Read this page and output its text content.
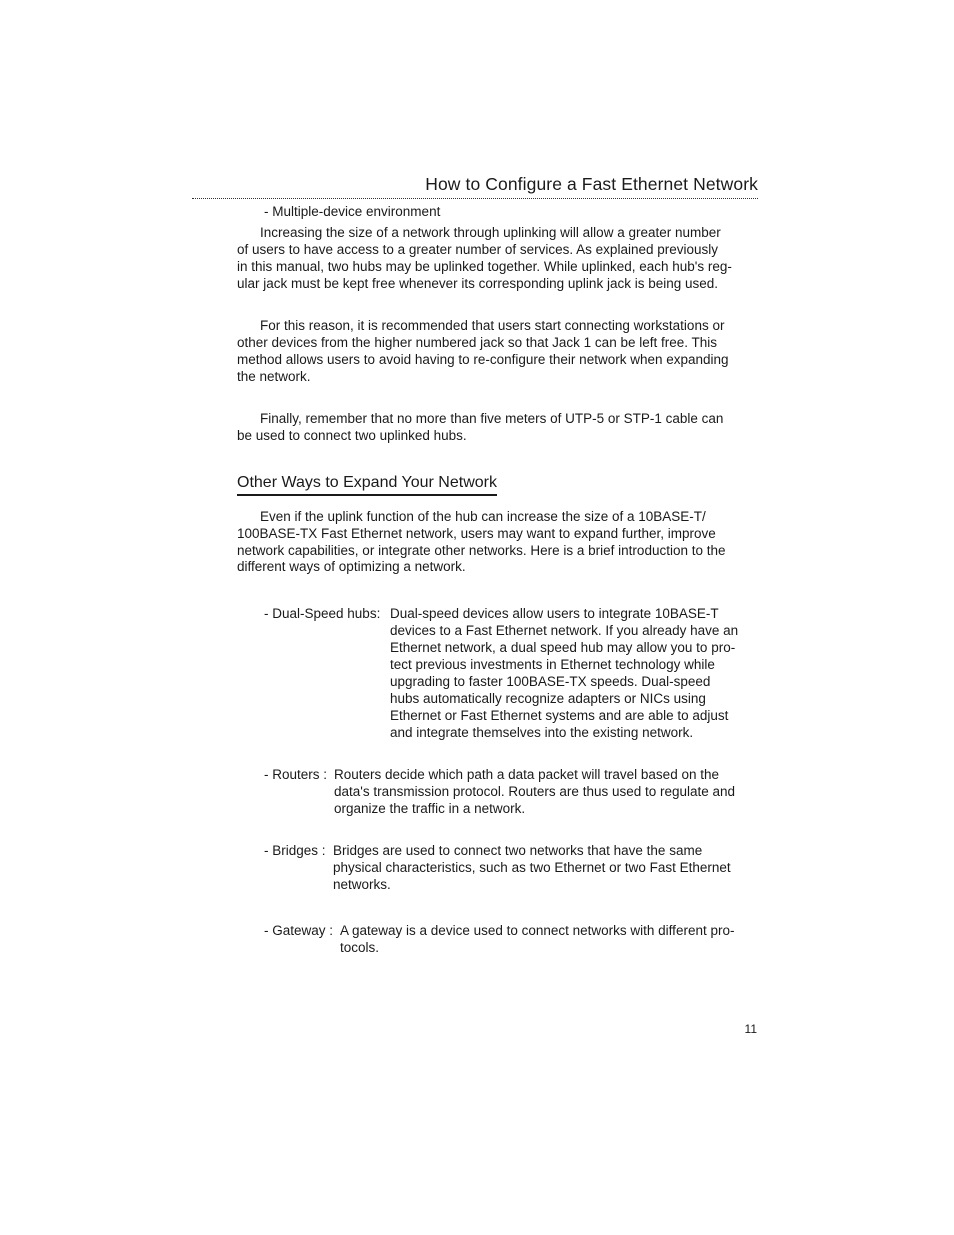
How to Configure a Fast Ethernet Network
- Multiple-device environment
Increasing the size of a network through uplinking will allow a greater number
of users to have access to a greater number of services. As explained previously
in this manual, two hubs may be uplinked together. While uplinked, each hub's reg-
ular jack must be kept free whenever its corresponding uplink jack is being used.
For this reason, it is recommended that users start connecting workstations or
other devices from the higher numbered jack so that Jack 1 can be left free. This
method allows users to avoid having to re-configure their network when expanding
the network.
Finally, remember that no more than five meters of UTP-5 or STP-1 cable can
be used to connect two uplinked hubs.
Other Ways to Expand Your Network
Even if the uplink function of the hub can increase the size of a 10BASE-T/
100BASE-TX Fast Ethernet network, users may want to expand further, improve
network capabilities, or integrate other networks. Here is a brief introduction to the
different ways of optimizing a network.
- Dual-Speed hubs: Dual-speed devices allow users to integrate 10BASE-T
devices to a Fast Ethernet network. If you already have an
Ethernet network, a dual speed hub may allow you to pro-
tect previous investments in Ethernet technology while
upgrading to faster 100BASE-TX speeds. Dual-speed
hubs automatically recognize adapters or NICs using
Ethernet or Fast Ethernet systems and are able to adjust
and integrate themselves into the existing network.
- Routers : Routers decide which path a data packet will travel based on the
data's transmission protocol. Routers are thus used to regulate and
organize the traffic in a network.
- Bridges : Bridges are used to connect two networks that have the same
physical characteristics, such as two Ethernet or two Fast Ethernet
networks.
- Gateway : A gateway is a device used to connect networks with different pro-
tocols.
11
